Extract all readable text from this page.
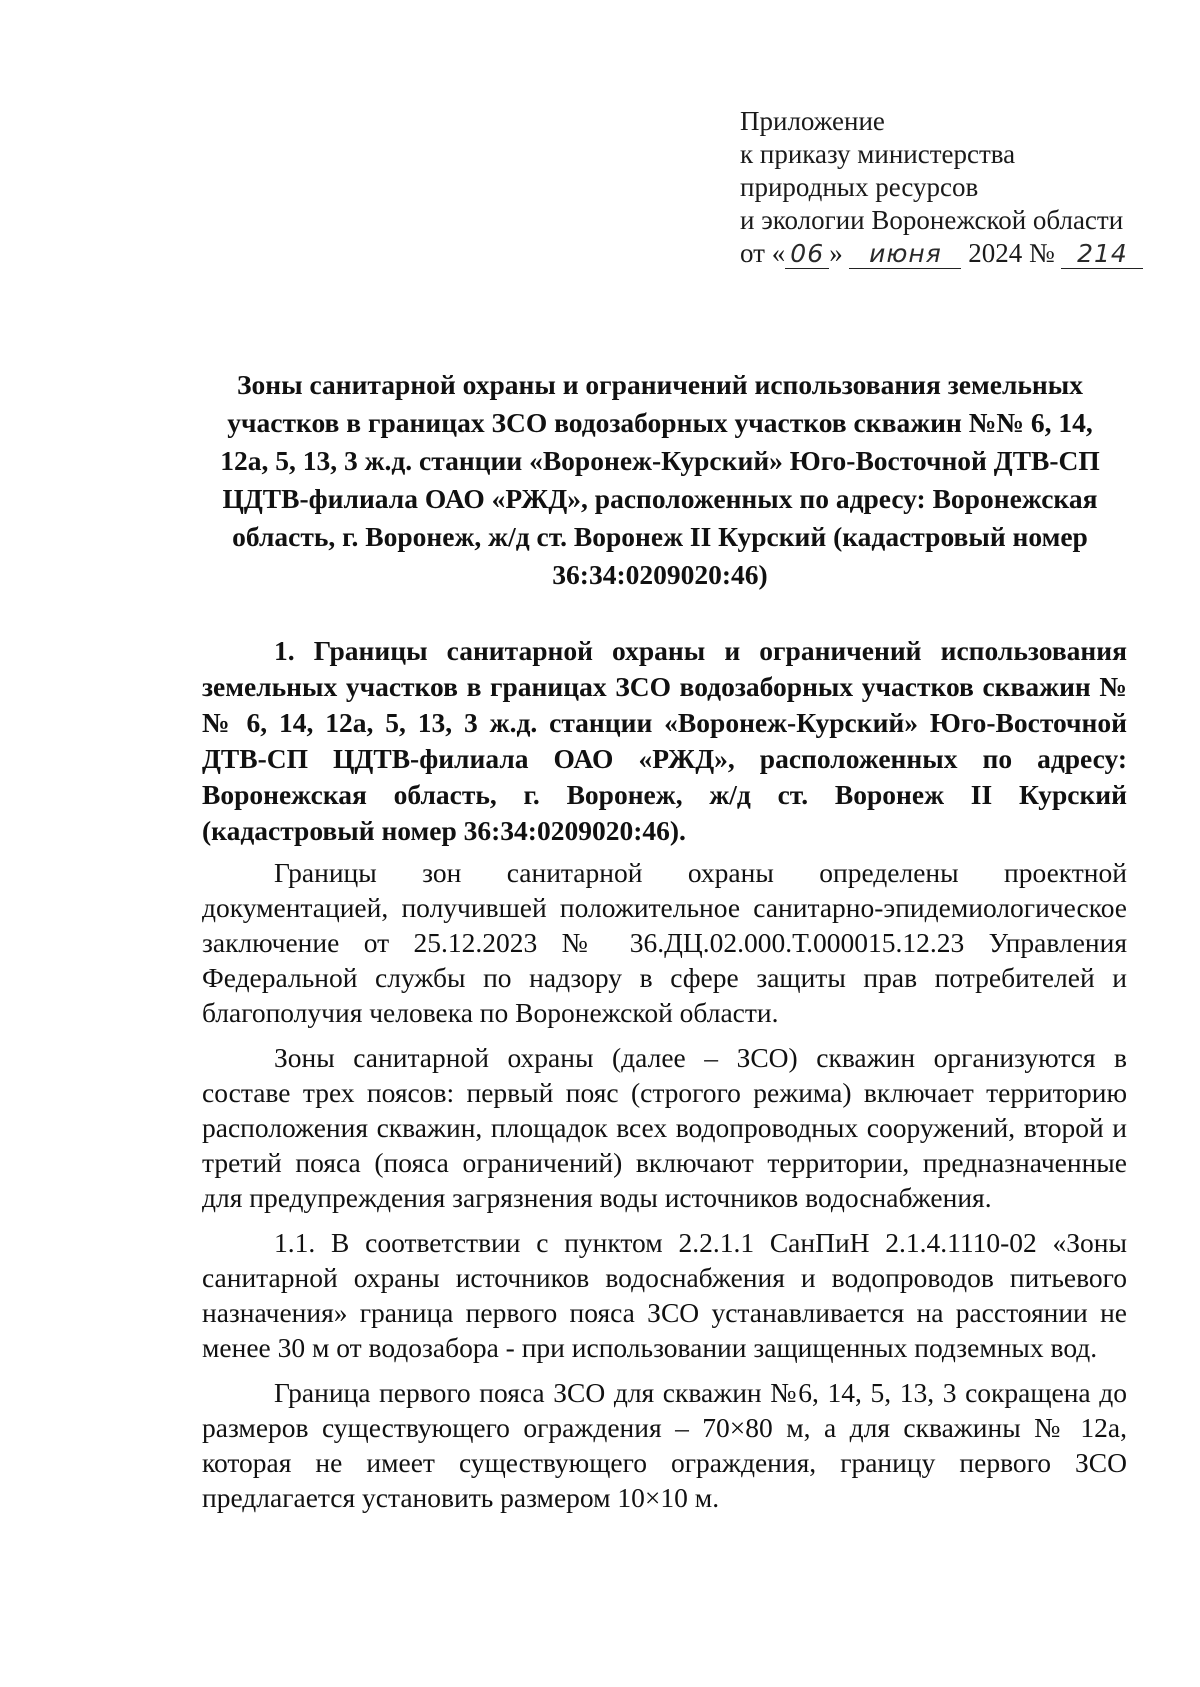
Приложение
к приказу министерства
природных ресурсов
и экологии Воронежской области
от « 06 » июня 2024 № 214
Зоны санитарной охраны и ограничений использования земельных
участков в границах ЗСО водозаборных участков скважин №№ 6, 14,
12а, 5, 13, 3 ж.д. станции «Воронеж-Курский» Юго-Восточной ДТВ-СП
ЦДТВ-филиала ОАО «РЖД», расположенных по адресу: Воронежская
область, г. Воронеж, ж/д ст. Воронеж II Курский (кадастровый номер
36:34:0209020:46)

1. Границы санитарной охраны и ограничений использования земельных участков в границах ЗСО водозаборных участков скважин №№ 6, 14, 12а, 5, 13, 3 ж.д. станции «Воронеж-Курский» Юго-Восточной ДТВ-СП ЦДТВ-филиала ОАО «РЖД», расположенных по адресу: Воронежская область, г. Воронеж, ж/д ст. Воронеж II Курский (кадастровый номер 36:34:0209020:46).

Границы зон санитарной охраны определены проектной документацией, получившей положительное санитарно-эпидемиологическое заключение от 25.12.2023 № 36.ДЦ.02.000.Т.000015.12.23 Управления Федеральной службы по надзору в сфере защиты прав потребителей и благополучия человека по Воронежской области.

Зоны санитарной охраны (далее – ЗСО) скважин организуются в составе трех поясов: первый пояс (строгого режима) включает территорию расположения скважин, площадок всех водопроводных сооружений, второй и третий пояса (пояса ограничений) включают территории, предназначенные для предупреждения загрязнения воды источников водоснабжения.

1.1. В соответствии с пунктом 2.2.1.1 СанПиН 2.1.4.1110-02 «Зоны санитарной охраны источников водоснабжения и водопроводов питьевого назначения» граница первого пояса ЗСО устанавливается на расстоянии не менее 30 м от водозабора - при использовании защищенных подземных вод.

Граница первого пояса ЗСО для скважин №6, 14, 5, 13, 3 сокращена до размеров существующего ограждения – 70×80 м, а для скважины № 12а, которая не имеет существующего ограждения, границу первого ЗСО предлагается установить размером 10×10 м.
